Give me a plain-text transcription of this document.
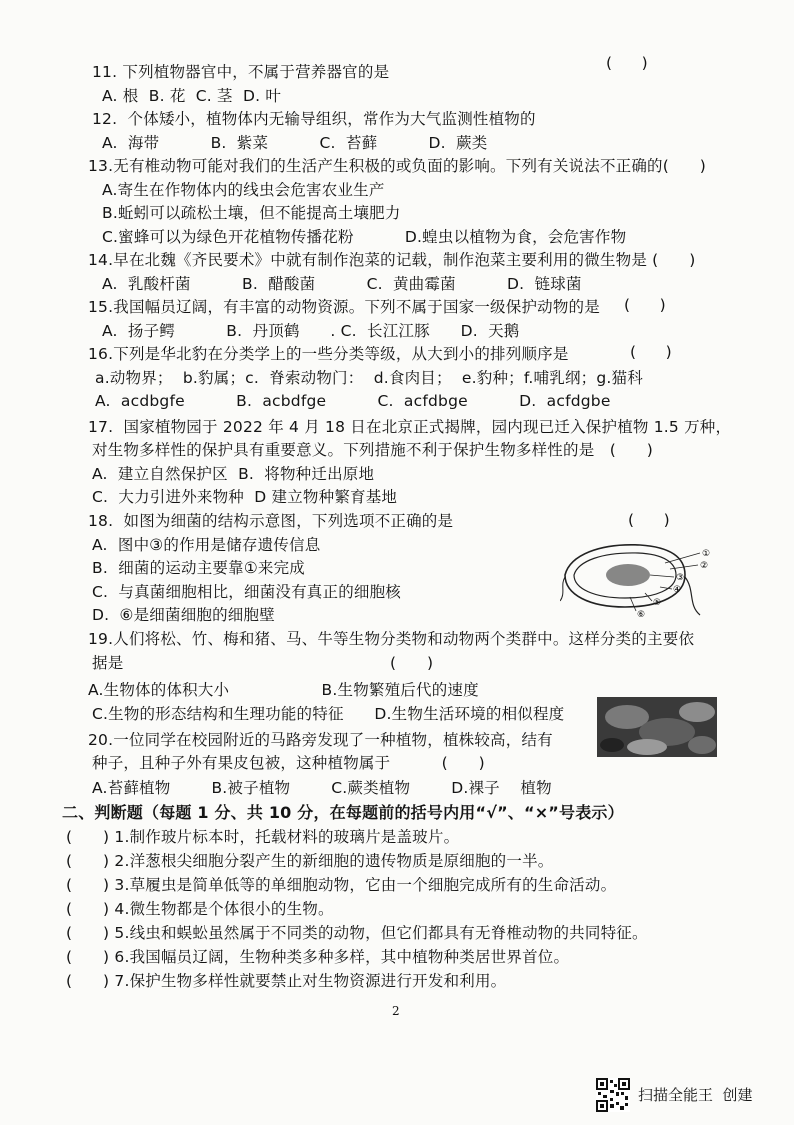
11. 下列植物器官中，不属于营养器官的是	(      )
A. 根  B. 花  C. 茎  D. 叶
12.  个体矮小，植物体内无输导组织，常作为大气监测性植物的
A.  海带          B.  紫菜          C.  苔藓          D.  蕨类
13.无有椎动物可能对我们的生活产生积极的或负面的影响。下列有关说法不正确的(      )
A.寄生在作物体内的线虫会危害农业生产
B.蚯蚓可以疏松土壤，但不能提高土壤肥力
C.蜜蜂可以为绿色开花植物传播花粉          D.蝗虫以植物为食，会危害作物
14.早在北魏《齐民要术》中就有制作泡菜的记载，制作泡菜主要利用的微生物是 (      )
A.  乳酸杆菌          B.  醋酸菌          C.  黄曲霉菌          D.  链球菌
15.我国幅员辽阔，有丰富的动物资源。下列不属于国家一级保护动物的是 (      )
A.  扬子鳄          B.  丹顶鹤      . C.  长江江豚      D.  天鹅
16.下列是华北豹在分类学上的一些分类等级，从大到小的排列顺序是	(      )
a.动物界；  b.豹属；c.  脊索动物门：  d.食肉目；  e.豹种；f.哺乳纲；g.猫科
A.  acdbgfe          B.  acbdfge          C.  acfdbge          D.  acfdgbe
17.  国家植物园于 2022 年 4 月 18 日在北京正式揭牌，园内现已迁入保护植物 1.5 万种，
对生物多样性的保护具有重要意义。下列措施不利于保护生物多样性的是   (      )
A.  建立自然保护区  B.  将物种迁出原地
C.  大力引进外来物种  D 建立物种繁育基地
18.  如图为细菌的结构示意图，下列选项不正确的是	(      )
A.  图中③的作用是储存遗传信息
B.  细菌的运动主要靠①来完成
C.  与真菌细胞相比，细菌没有真正的细胞核
D.  ⑥是细菌细胞的细胞壁
①
②
③
④
⑤
⑥
19.人们将松、竹、梅和猪、马、牛等生物分类物和动物两个类群中。这样分类的主要依
据是                                                    (      )
A.生物体的体积大小                  B.生物繁殖后代的速度
C.生物的形态结构和生理功能的特征      D.生物生活环境的相似程度
20.一位同学在校园附近的马路旁发现了一种植物，植株较高，结有
种子，且种子外有果皮包被，这种植物属于          (      )
A.苔藓植物        B.被子植物        C.蕨类植物        D.裸子    植物
二、判断题（每题 1 分、共 10 分，在每题前的括号内用“√”、“×”号表示）
(      ) 1.制作玻片标本时，托载材料的玻璃片是盖玻片。
(      ) 2.洋葱根尖细胞分裂产生的新细胞的遗传物质是原细胞的一半。
(      ) 3.草履虫是简单低等的单细胞动物，它由一个细胞完成所有的生命活动。
(      ) 4.微生物都是个体很小的生物。
(      ) 5.线虫和蜈蚣虽然属于不同类的动物，但它们都具有无脊椎动物的共同特征。
(      ) 6.我国幅员辽阔，生物种类多种多样，其中植物种类居世界首位。
(      ) 7.保护生物多样性就要禁止对生物资源进行开发和利用。
2
扫描全能王  创建
